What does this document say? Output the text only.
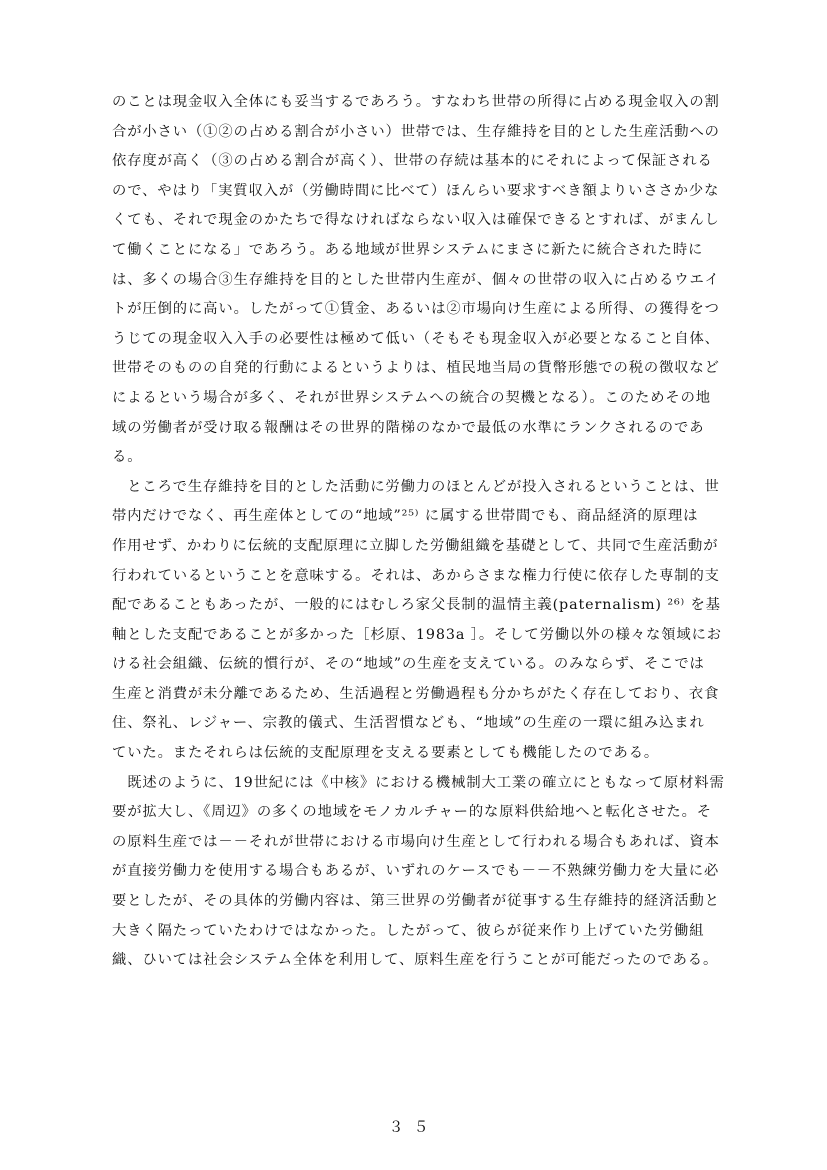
のことは現金収入全体にも妥当するであろう。すなわち世帯の所得に占める現金収入の割
合が小さい（①②の占める割合が小さい）世帯では、生存維持を目的とした生産活動への
依存度が高く（③の占める割合が高く）、世帯の存続は基本的にそれによって保証される
ので、やはり「実質収入が（労働時間に比べて）ほんらい要求すべき額よりいささか少な
くても、それで現金のかたちで得なければならない収入は確保できるとすれば、がまんし
て働くことになる」であろう。ある地域が世界システムにまさに新たに統合された時に
は、多くの場合③生存維持を目的とした世帯内生産が、個々の世帯の収入に占めるウエイ
トが圧倒的に高い。したがって①賃金、あるいは②市場向け生産による所得、の獲得をつ
うじての現金収入入手の必要性は極めて低い（そもそも現金収入が必要となること自体、
世帯そのものの自発的行動によるというよりは、植民地当局の貨幣形態での税の徴収など
によるという場合が多く、それが世界システムへの統合の契機となる）。このためその地
域の労働者が受け取る報酬はその世界的階梯のなかで最低の水準にランクされるのであ
る。
　ところで生存維持を目的とした活動に労働力のほとんどが投入されるということは、世
帯内だけでなく、再生産体としての“地域”²⁵⁾ に属する世帯間でも、商品経済的原理は
作用せず、かわりに伝統的支配原理に立脚した労働組織を基礎として、共同で生産活動が
行われているということを意味する。それは、あからさまな権力行使に依存した専制的支
配であることもあったが、一般的にはむしろ家父長制的温情主義(paternalism) ²⁶⁾ を基
軸とした支配であることが多かった［杉原、1983a ］。そして労働以外の様々な領域にお
ける社会組織、伝統的慣行が、その“地域”の生産を支えている。のみならず、そこでは
生産と消費が未分離であるため、生活過程と労働過程も分かちがたく存在しており、衣食
住、祭礼、レジャー、宗教的儀式、生活習慣なども、“地域”の生産の一環に組み込まれ
ていた。またそれらは伝統的支配原理を支える要素としても機能したのである。
　既述のように、19世紀には《中核》における機械制大工業の確立にともなって原材料需
要が拡大し、《周辺》の多くの地域をモノカルチャー的な原料供給地へと転化させた。そ
の原料生産では－－それが世帯における市場向け生産として行われる場合もあれば、資本
が直接労働力を使用する場合もあるが、いずれのケースでも－－不熟練労働力を大量に必
要としたが、その具体的労働内容は、第三世界の労働者が従事する生存維持的経済活動と
大きく隔たっていたわけではなかった。したがって、彼らが従来作り上げていた労働組
織、ひいては社会システム全体を利用して、原料生産を行うことが可能だったのである。
３５
